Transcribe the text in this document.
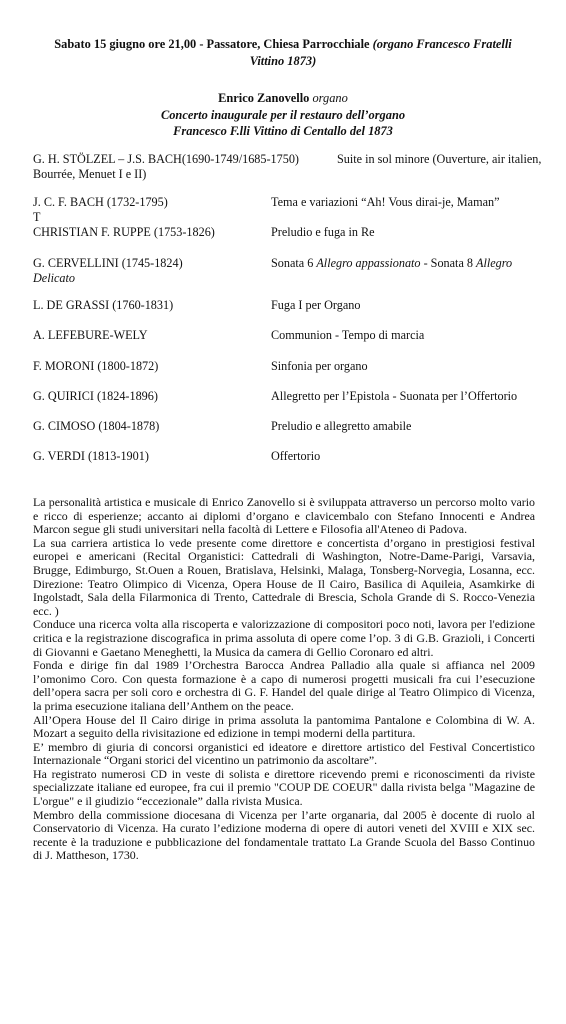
Sabato 15 giugno ore 21,00 - Passatore, Chiesa Parrocchiale (organo Francesco Fratelli
Vittino 1873)
Enrico Zanovello organo
Concerto inaugurale per il restauro dell’organo
Francesco F.lli Vittino di Centallo del 1873
G. H. STÖLZEL – J.S. BACH(1690-1749/1685-1750)	Suite in sol minore (Ouverture, air italien,
Bourrée, Menuet I e II)
J. C. F. BACH (1732-1795)	Tema e variazioni “Ah! Vous dirai-je, Maman”
T
CHRISTIAN F. RUPPE (1753-1826)	Preludio e fuga in Re
G. CERVELLINI (1745-1824)	Sonata 6 Allegro appassionato - Sonata 8 Allegro
Delicato
L. DE GRASSI (1760-1831)	Fuga I per Organo
A. LEFEBURE-WELY	Communion - Tempo di marcia
F. MORONI (1800-1872)	Sinfonia per organo
G. QUIRICI (1824-1896)	Allegretto per l’Epistola - Suonata per l’Offertorio
G. CIMOSO (1804-1878)	Preludio e allegretto amabile
G. VERDI (1813-1901)	Offertorio

La personalità artistica e musicale di Enrico Zanovello si è sviluppata attraverso un percorso molto vario e ricco di esperienze; accanto ai diplomi d’organo e clavicembalo con Stefano Innocenti e Andrea Marcon segue gli studi universitari nella facoltà di Lettere e Filosofia all'Ateneo di Padova.

La sua carriera artistica lo vede presente come direttore e concertista d’organo in prestigiosi festival europei e americani (Recital Organistici: Cattedrali di Washington, Notre-Dame-Parigi, Varsavia, Brugge, Edimburgo, St.Ouen a Rouen, Bratislava, Helsinki, Malaga, Tonsberg-Norvegia, Losanna, ecc. Direzione: Teatro Olimpico di Vicenza, Opera House de Il Cairo, Basilica di Aquileia, Asamkirke di Ingolstadt, Sala della Filarmonica di Trento, Cattedrale di Brescia, Schola Grande di S. Rocco-Venezia ecc. )

Conduce una ricerca volta alla riscoperta e valorizzazione di compositori poco noti, lavora per l'edizione critica e la registrazione discografica in prima assoluta di opere come l’op. 3 di G.B. Grazioli, i Concerti di Giovanni e Gaetano Meneghetti, la Musica da camera di Gellio Coronaro ed altri.

Fonda e dirige fin dal 1989 l’Orchestra Barocca Andrea Palladio alla quale si affianca nel 2009 l’omonimo Coro. Con questa formazione è a capo di numerosi progetti musicali fra cui l’esecuzione dell’opera sacra per soli coro e orchestra di G. F. Handel del quale dirige al Teatro Olimpico di Vicenza, la prima esecuzione italiana dell’Anthem on the peace.

All’Opera House del Il Cairo dirige in prima assoluta la pantomima Pantalone e Colombina di W. A. Mozart a seguito della rivisitazione ed edizione in tempi moderni della partitura.

E’ membro di giuria di concorsi organistici ed ideatore e direttore artistico del Festival Concertistico Internazionale “Organi storici del vicentino un patrimonio da ascoltare”.

Ha registrato numerosi CD in veste di solista e direttore ricevendo premi e riconoscimenti da riviste specializzate italiane ed europee, fra cui il premio "COUP DE COEUR" dalla rivista belga "Magazine de L'orgue" e il giudizio “eccezionale” dalla rivista Musica.

Membro della commissione diocesana di Vicenza per l’arte organaria, dal 2005 è docente di ruolo al Conservatorio di Vicenza. Ha curato l’edizione moderna di opere di autori veneti del XVIII e XIX sec. recente è la traduzione e pubblicazione del fondamentale trattato La Grande Scuola del Basso Continuo di J. Mattheson, 1730.
